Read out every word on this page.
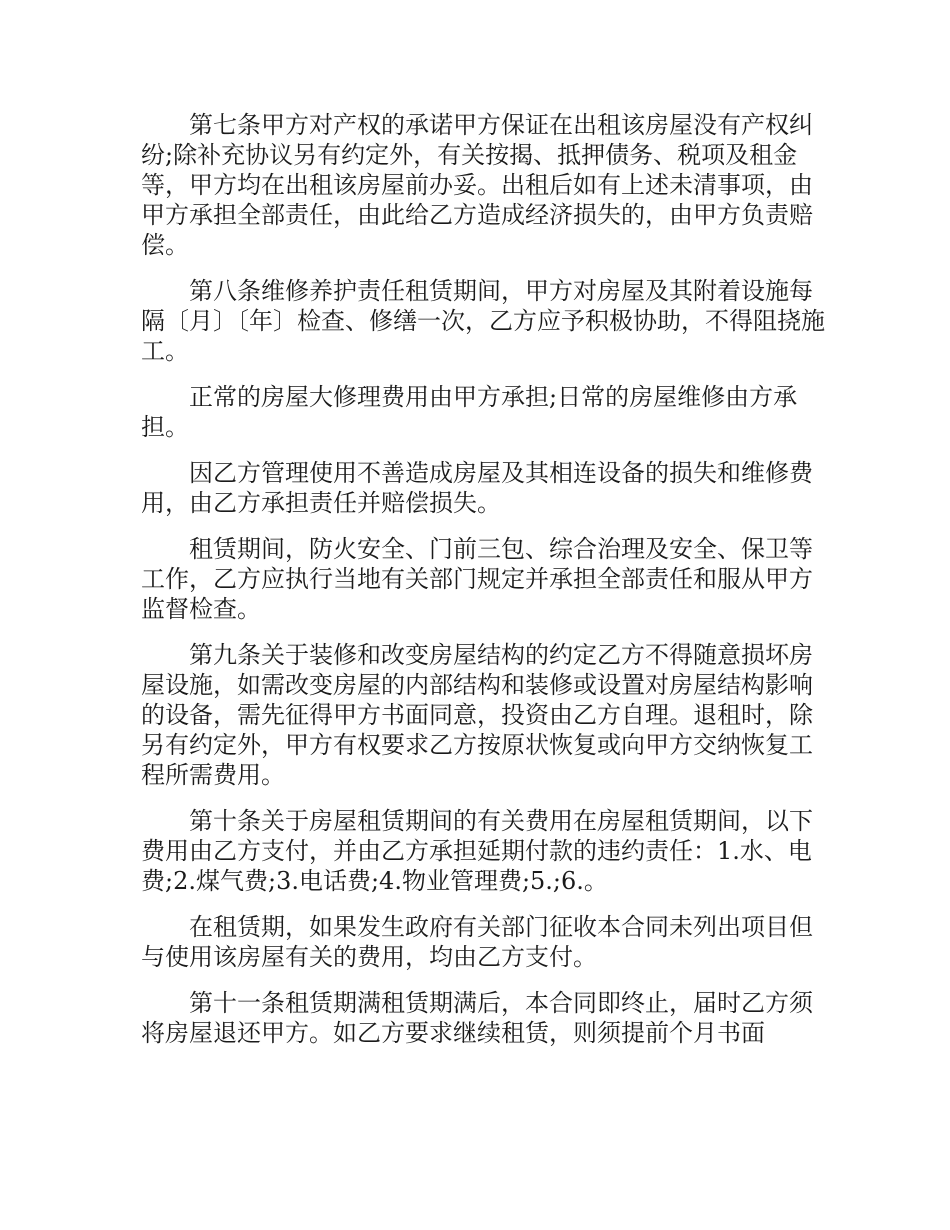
第七条甲方对产权的承诺甲方保证在出租该房屋没有产权纠纷;除补充协议另有约定外，有关按揭、抵押债务、税项及租金等，甲方均在出租该房屋前办妥。出租后如有上述未清事项，由甲方承担全部责任，由此给乙方造成经济损失的，由甲方负责赔偿。

第八条维修养护责任租赁期间，甲方对房屋及其附着设施每隔〔月〕〔年〕检查、修缮一次，乙方应予积极协助，不得阻挠施工。

正常的房屋大修理费用由甲方承担;日常的房屋维修由方承担。

因乙方管理使用不善造成房屋及其相连设备的损失和维修费用，由乙方承担责任并赔偿损失。

租赁期间，防火安全、门前三包、综合治理及安全、保卫等工作，乙方应执行当地有关部门规定并承担全部责任和服从甲方监督检查。

第九条关于装修和改变房屋结构的约定乙方不得随意损坏房屋设施，如需改变房屋的内部结构和装修或设置对房屋结构影响的设备，需先征得甲方书面同意，投资由乙方自理。退租时，除另有约定外，甲方有权要求乙方按原状恢复或向甲方交纳恢复工程所需费用。

第十条关于房屋租赁期间的有关费用在房屋租赁期间，以下费用由乙方支付，并由乙方承担延期付款的违约责任：1.水、电费;2.煤气费;3.电话费;4.物业管理费;5.;6.。

在租赁期，如果发生政府有关部门征收本合同未列出项目但与使用该房屋有关的费用，均由乙方支付。

第十一条租赁期满租赁期满后，本合同即终止，届时乙方须将房屋退还甲方。如乙方要求继续租赁，则须提前个月书面
